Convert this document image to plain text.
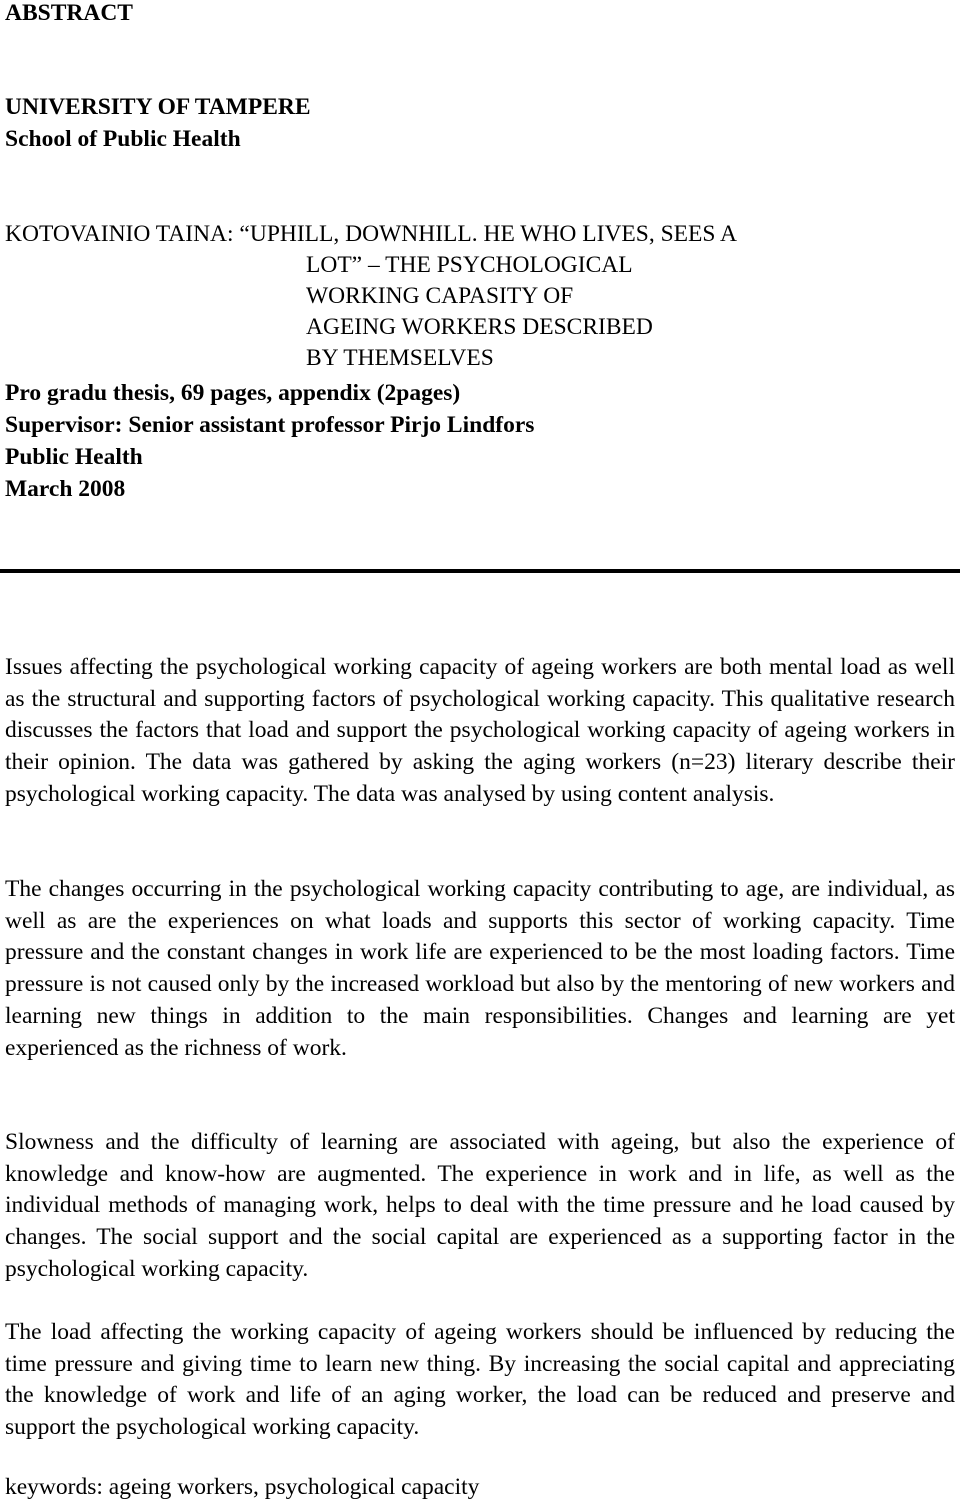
ABSTRACT
UNIVERSITY OF TAMPERE
School of Public Health
KOTOVAINIO TAINA: “UPHILL, DOWNHILL. HE WHO LIVES, SEES A
LOT” – THE PSYCHOLOGICAL WORKING CAPASITY OF AGEING WORKERS DESCRIBED BY THEMSELVES
Pro gradu thesis, 69 pages, appendix (2pages)
Supervisor: Senior assistant professor Pirjo Lindfors
Public Health
March 2008

Issues affecting the psychological working capacity of ageing workers are both mental load as well as the structural and supporting factors of psychological working capacity. This qualitative research discusses the factors that load and support the psychological working capacity of ageing workers in their opinion. The data was gathered by asking the aging workers (n=23) literary describe their psychological working capacity. The data was analysed by using content analysis.

The changes occurring in the psychological working capacity contributing to age, are individual, as well as are the experiences on what loads and supports this sector of working capacity. Time pressure and the constant changes in work life are experienced to be the most loading factors. Time pressure is not caused only by the increased workload but also by the mentoring of new workers and learning new things in addition to the main responsibilities. Changes and learning are yet experienced as the richness of work.

Slowness and the difficulty of learning are associated with ageing, but also the experience of knowledge and know-how are augmented. The experience in work and in life, as well as the individual methods of managing work, helps to deal with the time pressure and he load caused by changes. The social support and the social capital are experienced as a supporting factor in the psychological working capacity.

The load affecting the working capacity of ageing workers should be influenced by reducing the time pressure and giving time to learn new thing. By increasing the social capital and appreciating the knowledge of work and life of an aging worker, the load can be reduced and preserve and support the psychological working capacity.

keywords: ageing workers, psychological capacity
